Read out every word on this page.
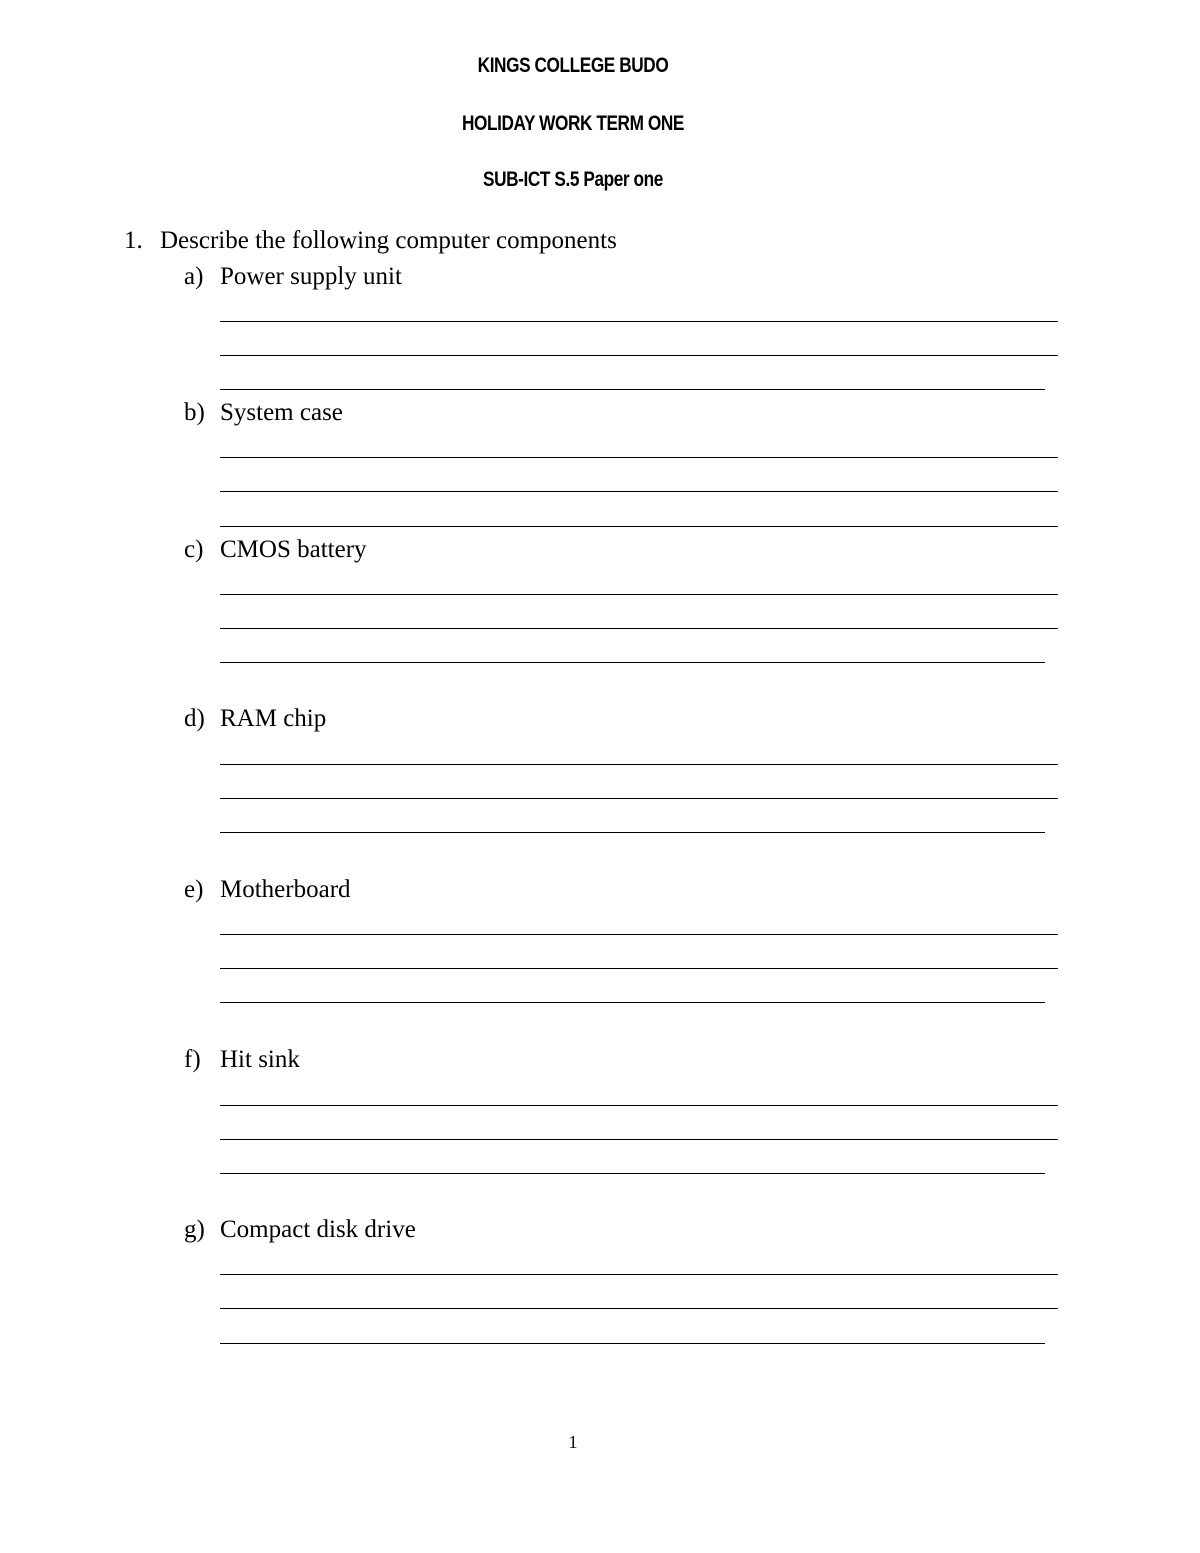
KINGS COLLEGE BUDO
HOLIDAY WORK TERM ONE
SUB-ICT S.5 Paper one
1. Describe the following computer components
a) Power supply unit
b) System case
c) CMOS battery
d) RAM chip
e) Motherboard
f) Hit sink
g) Compact disk drive
1
